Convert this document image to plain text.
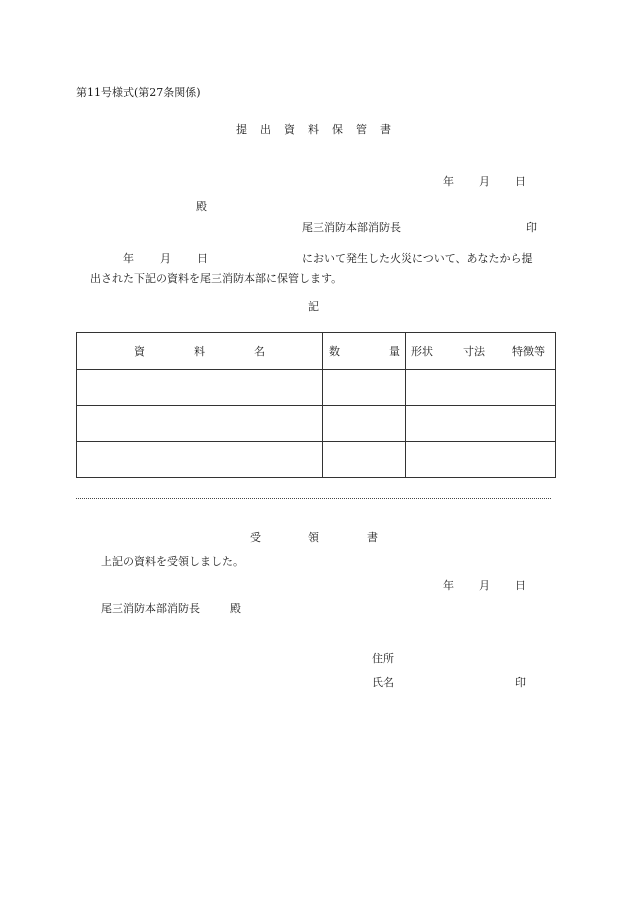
第11号様式(第27条関係)
提 出 資 料 保 管 書
年 月 日
殿
尾三消防本部消防長	印
年 月 日	において発生した火災について、あなたから提
出された下記の資料を尾三消防本部に保管します。
記
資 料 名	数 量	形状 寸法 特徴等

受	領	書
上記の資料を受領しました。
年 月 日
尾三消防本部消防長	殿
住所
氏名	印
